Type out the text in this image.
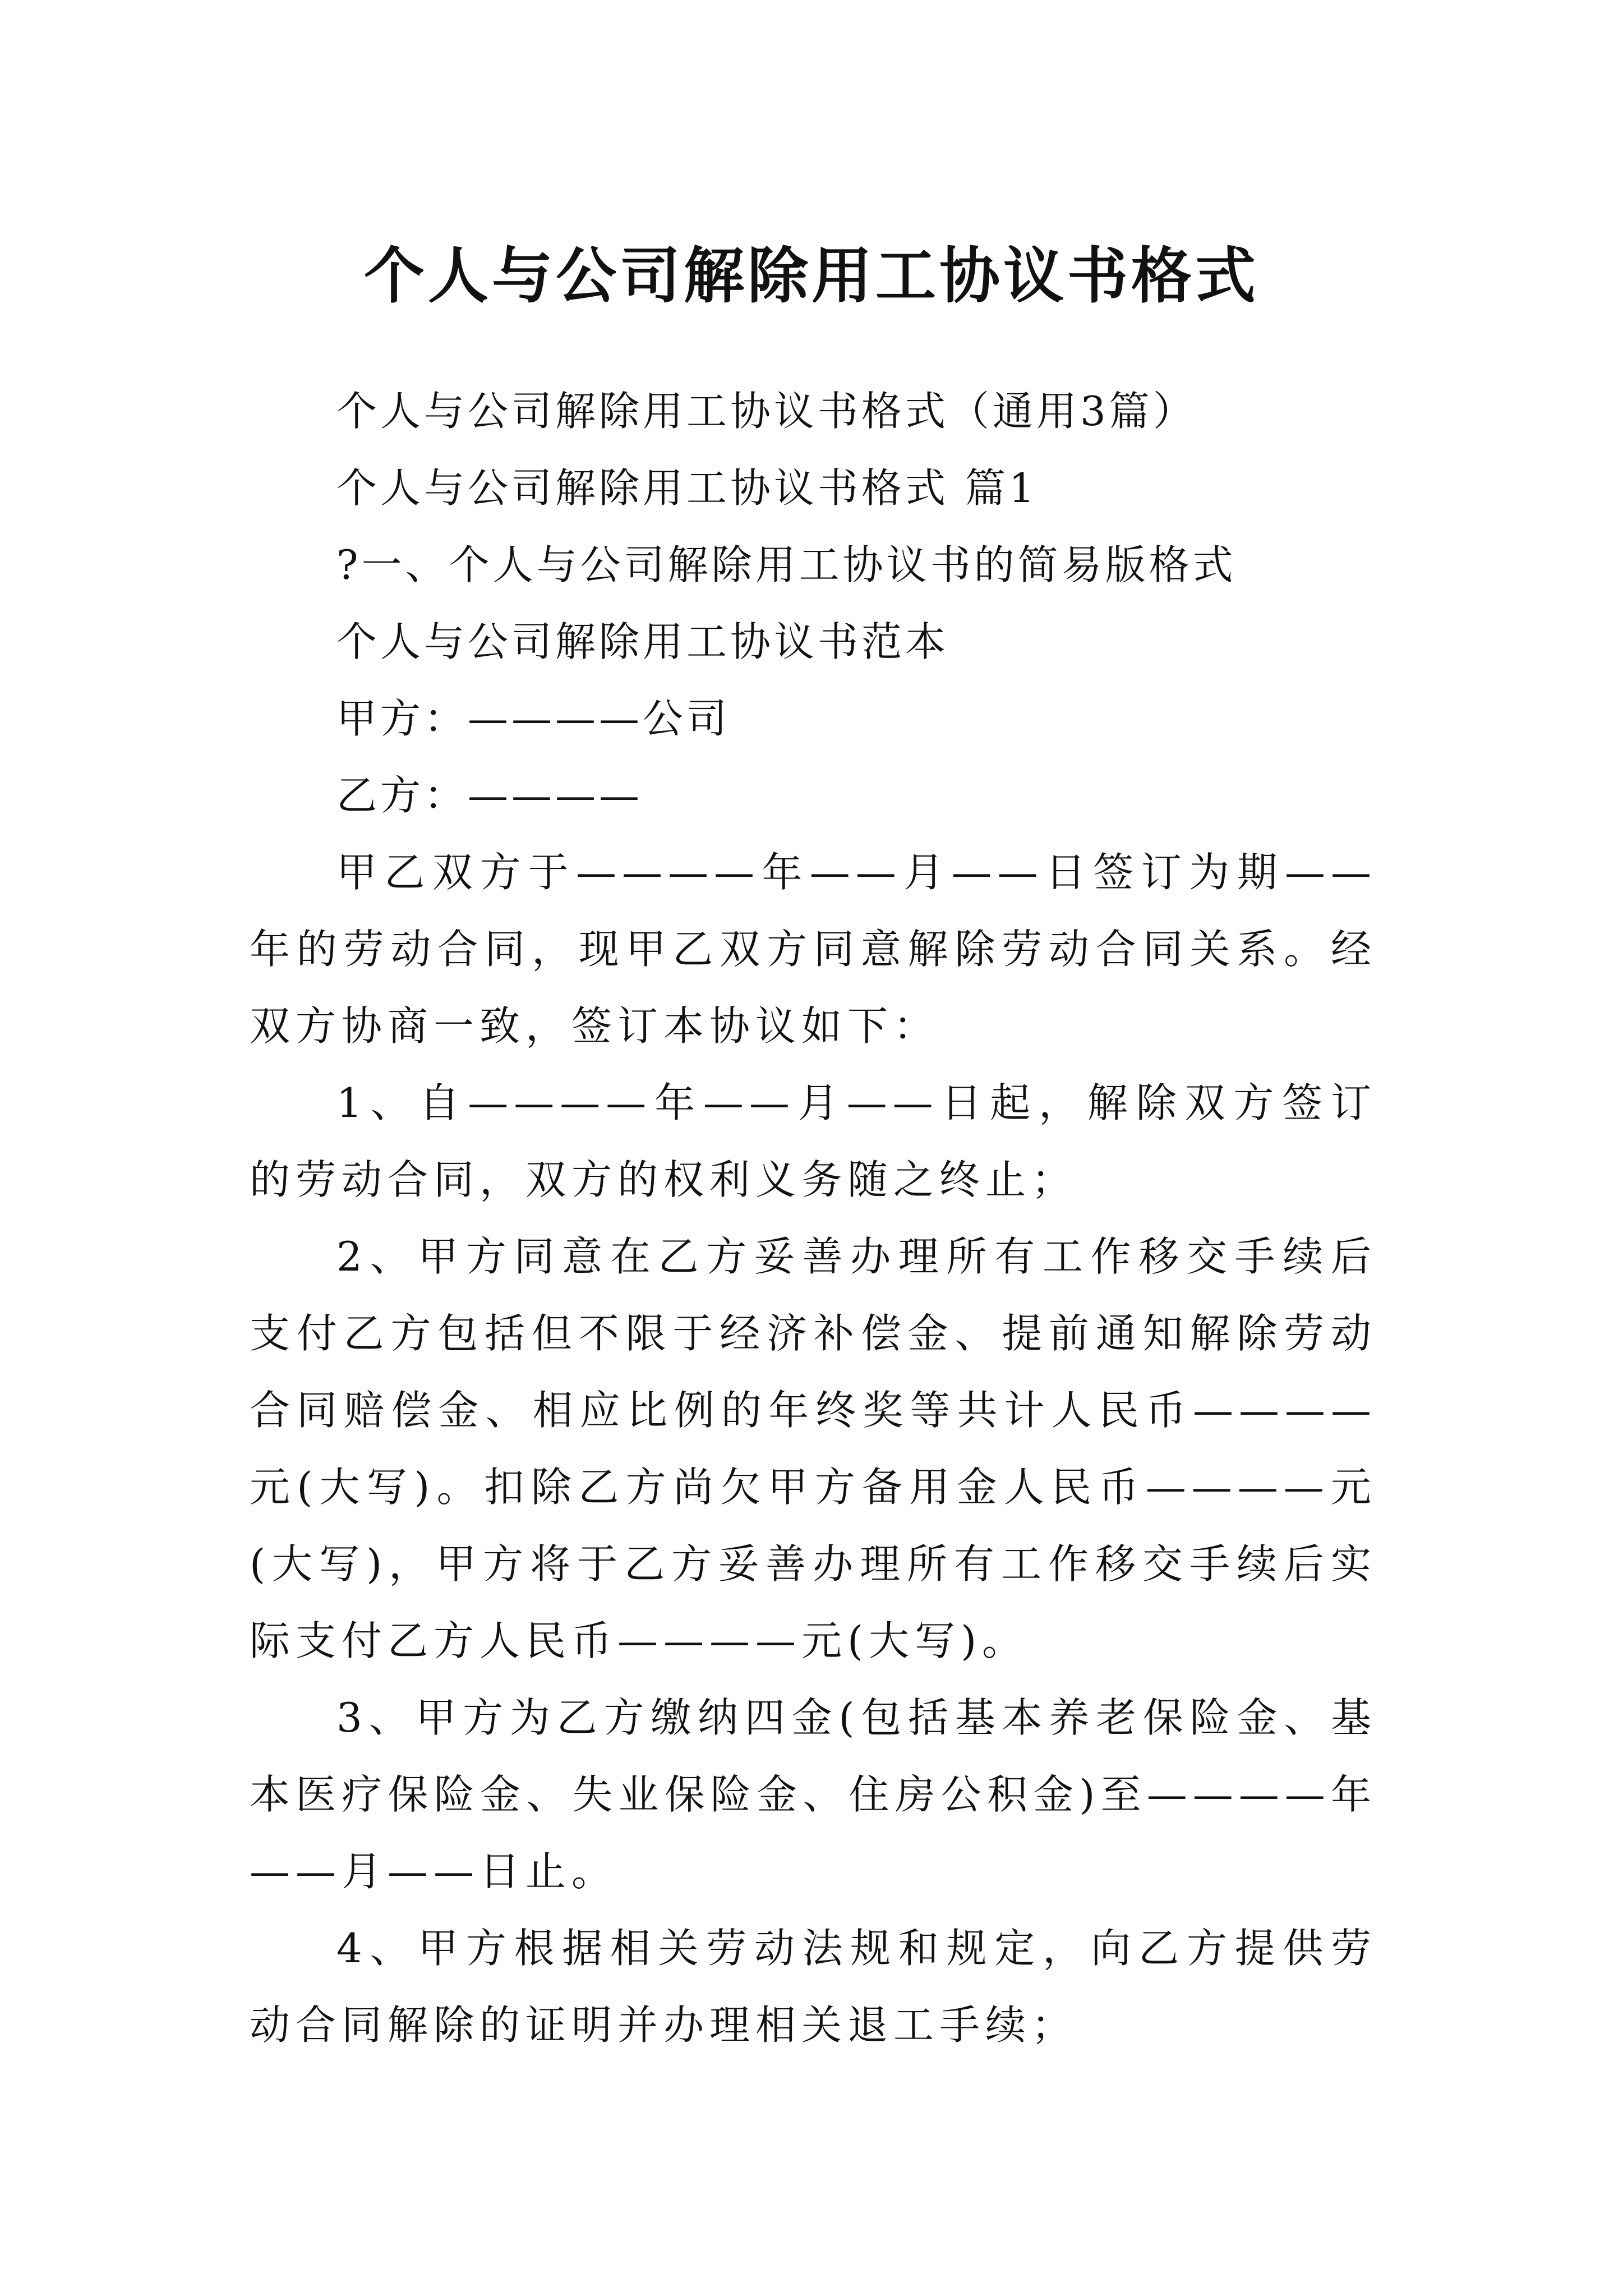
个人与公司解除用工协议书格式

个人与公司解除用工协议书格式（通用3篇）

个人与公司解除用工协议书格式 篇1

?一、个人与公司解除用工协议书的简易版格式

个人与公司解除用工协议书范本

甲方：————公司

乙方：————

甲乙双方于————年——月——日签订为期——年的劳动合同，现甲乙双方同意解除劳动合同关系。经双方协商一致，签订本协议如下：

1、自————年——月——日起，解除双方签订的劳动合同，双方的权利义务随之终止；

2、甲方同意在乙方妥善办理所有工作移交手续后支付乙方包括但不限于经济补偿金、提前通知解除劳动合同赔偿金、相应比例的年终奖等共计人民币————元(大写)。扣除乙方尚欠甲方备用金人民币————元(大写)，甲方将于乙方妥善办理所有工作移交手续后实际支付乙方人民币————元(大写)。

3、甲方为乙方缴纳四金(包括基本养老保险金、基本医疗保险金、失业保险金、住房公积金)至————年——月——日止。

4、甲方根据相关劳动法规和规定，向乙方提供劳动合同解除的证明并办理相关退工手续；
